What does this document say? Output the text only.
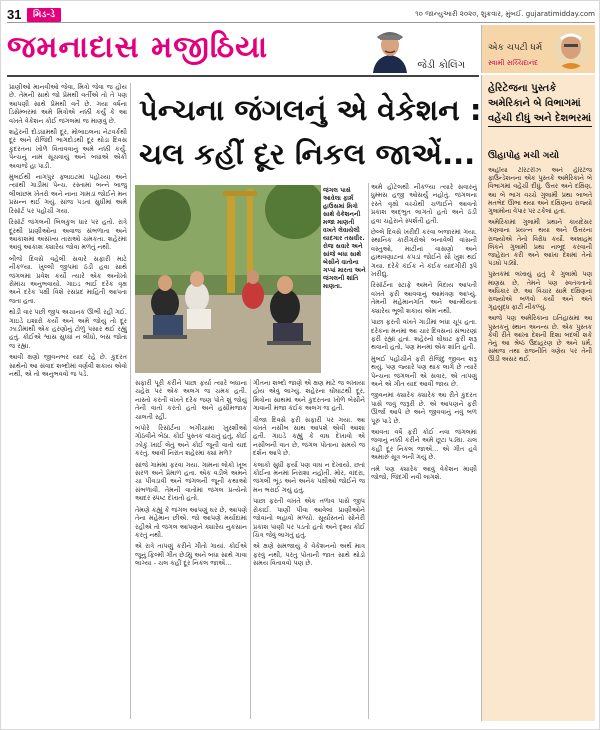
31	મિડ-ડે	૧૦ જાન્યુઆરી ૨૦૨૦, શુક્રવાર, મુંબઈ. gujaratimidday.com
જમનાદાસ મજીઠિયા
જેડી કોલિંગ
એક ચપટી ધર્મ
સ્વામી સચ્ચિદાનંદ
પેન્ચના જંગલનું એ વેકેશન :
ચલ કહીં દૂર નિકલ જાએં...
જંગલ પાસે આવેલા ફાર્મ હાઉસમાં મિત્રો સાથે વેકેશનની મજા માણતી વખતે લેવાયેલી યાદગાર તસવીર. રોજ સવારે અને સાંજે બધા સાથે બેસીને વાતોના ગપ્પાં મારતા અને જંગલની શાંતિ માણતા.

પ્રાણીઓ માનવીઓ જેવા, મિત્રો જેવા જ હોય છે. તેમની સાથે જો પ્રેમથી વર્તીએ તો તે પણ આપણી સાથે પ્રેમથી વર્તે છે. ગયા વર્ષના ડિસેમ્બરમાં અમે મિત્રોએ નક્કી કર્યું કે આ વખતે વેકેશન કોઈ જંગલમાં જ માણવું છે.

શહેરની દોડધામથી દૂર, મોબાઇલના નેટવર્કથી દૂર અને રોજિંદી ભાગદોડથી દૂર થોડા દિવસ કુદરતના ખોળે વિતાવવાનું અમે નક્કી કર્યું. પેન્ચનું નામ સૂચવાયું અને બધાએ એકી અવાજે હા પાડી.

મુંબઈથી નાગપુર ફ્લાઇટમાં પહોંચ્યા અને ત્યાંથી ગાડીમાં પેન્ચ. રસ્તામાં બન્ને બાજુ લીલાંછમ ખેતરો અને નાના ગામડાં જોઈને મન પ્રસન્ન થઈ ગયું. સાંજ પડતાં સુધીમાં અમે રિસૉર્ટ પર પહોંચી ગયા.

રિસૉર્ટ જંગલની બિલકુલ ધાર પર હતો. રાત્રે દૂરથી પ્રાણીઓના અવાજ સંભળાતા અને આકાશમાં અસંખ્ય તારાઓ ચમકતા. શહેરમાં આવું આકાશ ક્યારેય જોવા મળતું નથી.

બીજે દિવસે વહેલી સવારે સફારી માટે નીકળ્યા. ખુલ્લી જીપમાં ઠંડી હવા સાથે જંગલમાં પ્રવેશ કર્યો ત્યારે એક અનોખો રોમાંચ અનુભવાયો. ગાઇડ ભાઈ દરેક વૃક્ષ અને દરેક પક્ષી વિશે રસપ્રદ માહિતી આપતા જતા હતા.

થોડી વાર પછી જીપ અચાનક ઊભી રહી ગઈ. ગાઇડે ઇશારો કર્યો અને અમે જોયું તો દૂર ઝાડીમાંથી એક હરણોનું ટોળું પસાર થઈ રહ્યું હતું. કોઈએ શ્વાસ સુધ્ધાં ન લીધો, બસ જોતા જ રહ્યા.

આવી ક્ષણો જીવનભર યાદ રહે છે. કુદરત સાથેનો આ સંવાદ શબ્દોમાં વર્ણવી શકાય એવો નથી, એ તો અનુભવવો જ પડે.

સફારી પૂરી કરીને પાછા ફર્યા ત્યારે બધાના ચહેરા પર એક અલગ જ ચમક હતી. નાસ્તો કરતી વખતે દરેક જણ પોતે શું જોયું તેની વાતો કરતો હતો અને હસીમજાક ચાલતી રહી.

બપોરે રિસૉર્ટના બગીચામાં ખુરશીઓ ગોઠવીને બેઠા. કોઈ પુસ્તક વાંચતું હતું, કોઈ ઝોકું ખાઈ લેતું અને કોઈ જૂની વાતો યાદ કરતું. આવી નિરાંત શહેરમાં ક્યાં મળે?

સાંજે ગામમાં ફરવા ગયા. ગામના લોકો ખૂબ સરળ અને પ્રેમાળ હતા. એક વડીલે અમને ચા પીવડાવી અને જંગલની જૂની કથાઓ સંભળાવી. તેમની વાતોમાં જંગલ પ્રત્યેનો આદર સ્પષ્ટ દેખાતો હતો.

તેમણે કહ્યું કે જંગલ આપણું ઘર છે, આપણે તેના મહેમાન છીએ. જો આપણે મર્યાદામાં રહીએ તો જંગલ આપણને ક્યારેય નુકસાન કરતું નથી.

એ રાત્રે તાપણું કરીને ગીતો ગાયાં. કોઈએ જૂનું ફિલ્મી ગીત છેડ્યું અને બધા સાથે ગાવા લાગ્યા - ચલ કહીં દૂર નિકલ જાએં...

ગીતના શબ્દો જાણે એ ક્ષણ માટે જ લખાયા હોય એવું લાગ્યું. શહેરના ઘોંઘાટથી દૂર, મિત્રોના સાથમાં અને કુદરતના ખોળે બેસીને ગાવાની મજા કંઈક અલગ જ હતી.

ત્રીજા દિવસે ફરી સફારી પર ગયા. આ વખતે નસીબ સાથ આપશે એવી આશા હતી. ગાઇડે કહ્યું કે વાઘ દેખાવો એ નસીબની વાત છે, જંગલ પોતાના સમયે જ દર્શન આપે છે.

કલાકો સુધી ફર્યા પણ વાઘ ન દેખાયો. છતાં કોઈના મનમાં નિરાશા નહોતી. મોર, વાંદરા, જંગલી ભૂંડ અને અનેક પક્ષીઓ જોઈને જ મન ભરાઈ ગયું હતું.

પાછા ફરતી વખતે એક તળાવ પાસે જીપ રોકાઈ. પાણી પીવા આવેલાં પ્રાણીઓને જોવાનો લહાવો મળ્યો. સૂર્યાસ્તનો સોનેરી પ્રકાશ પાણી પર પડતો હતો અને દૃશ્ય કોઈ ચિત્ર જેવું લાગતું હતું.

એ ક્ષણે સમજાયું કે વેકેશનનો અર્થ માત્ર ફરવું નથી, પરંતુ પોતાની જાત સાથે થોડો સમય વિતાવવો પણ છે.

અમે હોટેલથી નીકળ્યા ત્યારે સવારનું ધુમ્મસ હજી ઓસર્યું નહોતું. જંગલના રસ્તે વૃક્ષો વચ્ચેથી ચળાઈને આવતો પ્રકાશ અદ્ભુત લાગતો હતો અને ઠંડી હવા ચહેરાને સ્પર્શતી હતી.

છેલ્લે દિવસે ખરીદી કરવા બજારમાં ગયા. સ્થાનિક કારીગરોએ બનાવેલી વાંસની વસ્તુઓ, માટીનાં વાસણો અને હાથવણાટનાં કપડાં જોઈને સૌ ખુશ થઈ ગયા. દરેકે કંઈક ને કંઈક યાદગીરી રૂપે ખરીદ્યું.

રિસૉર્ટના સ્ટાફે અમને વિદાય આપતી વખતે ફરી આવવાનું આમંત્રણ આપ્યું. તેમની મહેમાનગતિ અને આત્મીયતા ક્યારેય ભૂલી શકાય એમ નથી.

પાછા ફરતી વખતે ગાડીમાં બધા ચૂપ હતા. દરેકના મનમાં આ ચાર દિવસનાં સંભારણાં ફરી રહ્યાં હતાં. શહેરનો ઘોંઘાટ ફરી શરૂ થવાનો હતો, પણ મનમાં એક શાંતિ હતી.

મુંબઈ પહોંચીને ફરી રોજિંદું જીવન શરૂ થયું. પણ જ્યારે પણ થાક લાગે છે ત્યારે પેન્ચના જંગલની એ સવાર, એ તાપણું અને એ ગીત યાદ આવી જાય છે.

જીવનમાં ક્યારેક ક્યારેક આ રીતે કુદરત પાસે જવું જરૂરી છે. એ આપણને ફરી ઊર્જા આપે છે અને જીવવાનું નવું બળ પૂરું પાડે છે.

આવતા વર્ષે ફરી કોઈ નવા જંગલમાં જવાનું નક્કી કરીને અમે છૂટા પડ્યા. ચલ કહીં દૂર નિકલ જાએં... એ ગીત હવે અમારું સૂત્ર બની ગયું છે.

તમે પણ ક્યારેક આવું વેકેશન માણી જોજો, જિંદગી નવી લાગશે.

હેરિટેજના પુસ્તકે
અમેરિકાને બે વિભાગમાં
વહેંચી દીધું અને દેશભરમાં
ઊહાપોહ મચી ગયો

અહીંયા ટેરિટરીઝ અને હેરિટેજ ફાઉન્ડેશનના એક પુસ્તકે અમેરિકાને બે વિભાગમાં વહેંચી દીધું. ઉત્તર અને દક્ષિણ, આ બે ભાગ વચ્ચે ગુલામી પ્રથા બાબતે મતભેદ ઊભા થયા અને દક્ષિણના રાજ્યો ગુલામોના વેપાર પર ટકેલાં હતાં.

અમેરિકામાં ગુલામી પ્રથાને કાયદેસર ગણવાના પ્રયત્ન થયા અને ઉત્તરના રાજ્યોએ તેનો વિરોધ કર્યો. અબ્રાહમ લિંકને ગુલામી પ્રથા નાબૂદ કરવાની જાહેરાત કરી અને આખા દેશમાં તેનો પડઘો પડ્યો.

પુસ્તકમાં લખાયું હતું કે ગુલામો પણ માણસ છે, તેમને પણ સ્વતંત્રતાનો અધિકાર છે. આ વિચાર સામે દક્ષિણના રાજ્યોએ બળવો કર્યો અને અંતે ગૃહયુદ્ધ ફાટી નીકળ્યું.

આજે પણ અમેરિકાના ઇતિહાસમાં આ પુસ્તકનું સ્થાન અનન્ય છે. એક પુસ્તક કેવી રીતે આખા દેશની દિશા બદલી શકે તેનું આ શ્રેષ્ઠ ઉદાહરણ છે અને ધર્મ, સમાજ તથા રાજનીતિ ત્રણેય પર તેની ઊંડી અસર થઈ.
